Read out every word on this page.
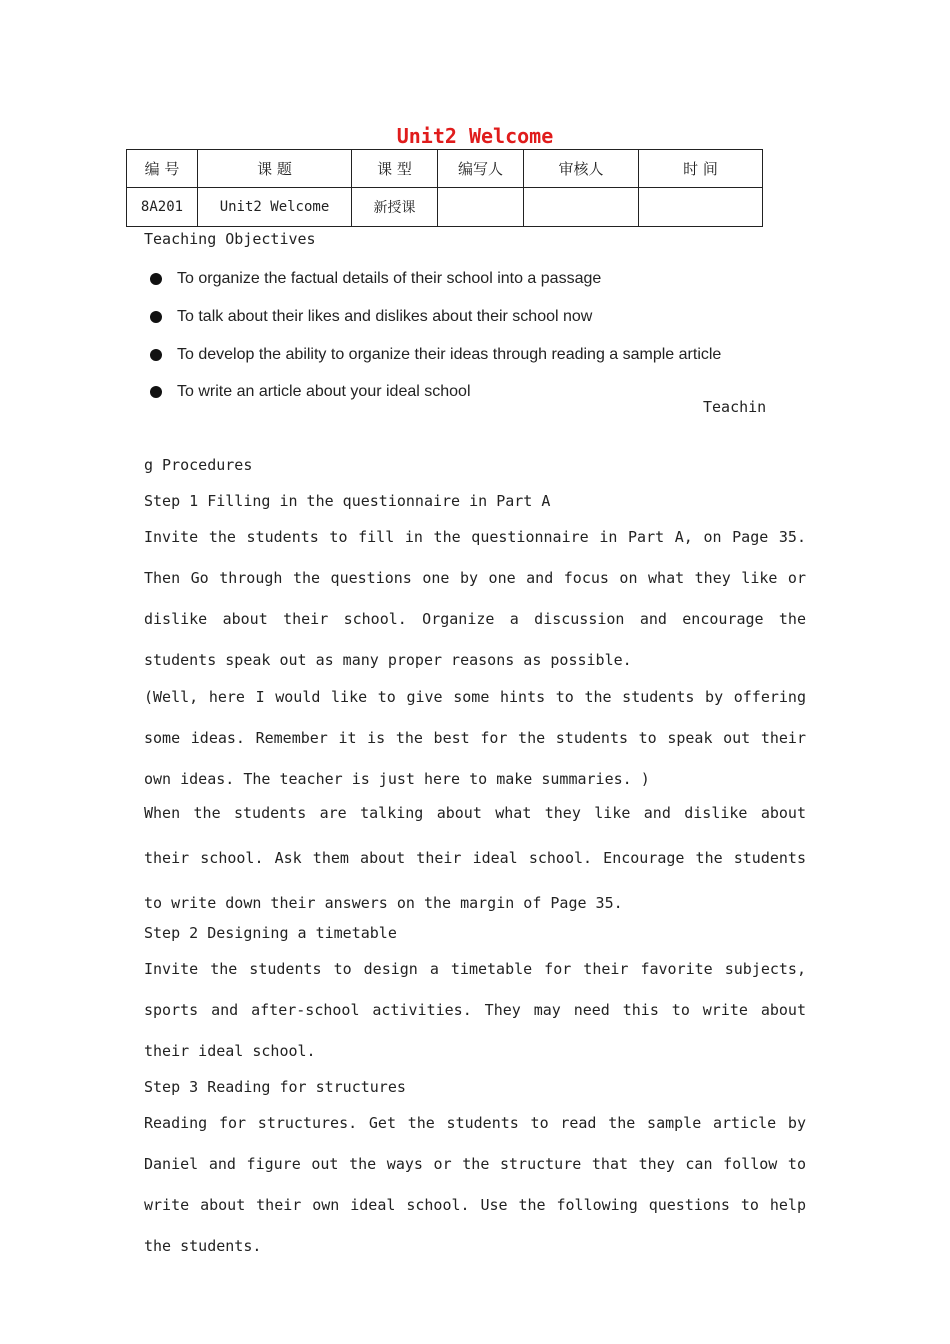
Unit2 Welcome
编 号	课 题	课 型	编写人	审核人	时 间
8A201	Unit2 Welcome	新授课			
Teaching Objectives
To organize the factual details of their school into a passage
To talk about their likes and dislikes about their school now
To develop the ability to organize their ideas through reading a sample article
To write an article about your ideal school
Teachin
g Procedures
Step 1 Filling in the questionnaire in Part A
Invite the students to fill in the questionnaire in Part A, on Page 35. Then Go through the questions one by one and focus on what they like or dislike about their school. Organize a discussion and encourage the students speak out as many proper reasons as possible.
(Well, here I would like to give some hints to the students by offering some ideas. Remember it is the best for the students to speak out their own ideas. The teacher is just here to make summaries. )
When the students are talking about what they like and dislike about their school. Ask them about their ideal school. Encourage the students to write down their answers on the margin of Page 35.
Step 2 Designing a timetable
Invite the students to design a timetable for their favorite subjects, sports and after-school activities. They may need this to write about their ideal school.
Step 3 Reading for structures
Reading for structures. Get the students to read the sample article by Daniel and figure out the ways or the structure that they can follow to write about their own ideal school. Use the following questions to help the students.
